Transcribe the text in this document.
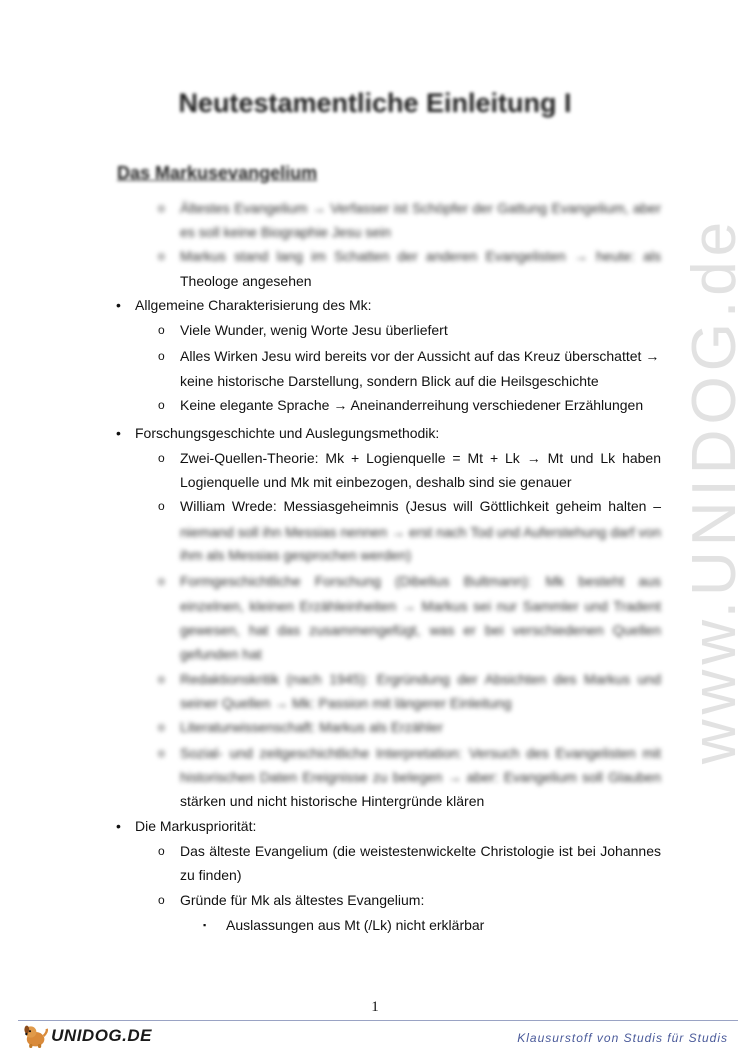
www.UNIDOG.de
Neutestamentliche Einleitung I
Das Markusevangelium
o Ältestes Evangelium → Verfasser ist Schöpfer der Gattung Evangelium, aber
es soll keine Biographie Jesu sein
o Markus stand lang im Schatten der anderen Evangelisten → heute: als
Theologe angesehen
• Allgemeine Charakterisierung des Mk:
o Viele Wunder, wenig Worte Jesu überliefert
o Alles Wirken Jesu wird bereits vor der Aussicht auf das Kreuz überschattet →
keine historische Darstellung, sondern Blick auf die Heilsgeschichte
o Keine elegante Sprache → Aneinanderreihung verschiedener Erzählungen
• Forschungsgeschichte und Auslegungsmethodik:
o Zwei-Quellen-Theorie: Mk + Logienquelle = Mt + Lk → Mt und Lk haben
Logienquelle und Mk mit einbezogen, deshalb sind sie genauer
o William Wrede: Messiasgeheimnis (Jesus will Göttlichkeit geheim halten –
niemand soll ihn Messias nennen → erst nach Tod und Auferstehung darf von
ihm als Messias gesprochen werden)
o Formgeschichtliche Forschung (Dibelius Bultmann): Mk besteht aus
einzelnen, kleinen Erzähleinheiten → Markus sei nur Sammler und Tradent
gewesen, hat das zusammengefügt, was er bei verschiedenen Quellen
gefunden hat
o Redaktionskritik (nach 1945): Ergründung der Absichten des Markus und
seiner Quellen → Mk: Passion mit längerer Einleitung
o Literaturwissenschaft: Markus als Erzähler
o Sozial- und zeitgeschichtliche Interpretation: Versuch des Evangelisten mit
historischen Daten Ereignisse zu belegen → aber: Evangelium soll Glauben
stärken und nicht historische Hintergründe klären
• Die Markuspriorität:
o Das älteste Evangelium (die weistestenwickelte Christologie ist bei Johannes
zu finden)
o Gründe für Mk als ältestes Evangelium:
▪ Auslassungen aus Mt (/Lk) nicht erklärbar
1
UNIDOG.DE	Klausurstoff von Studis für Studis
